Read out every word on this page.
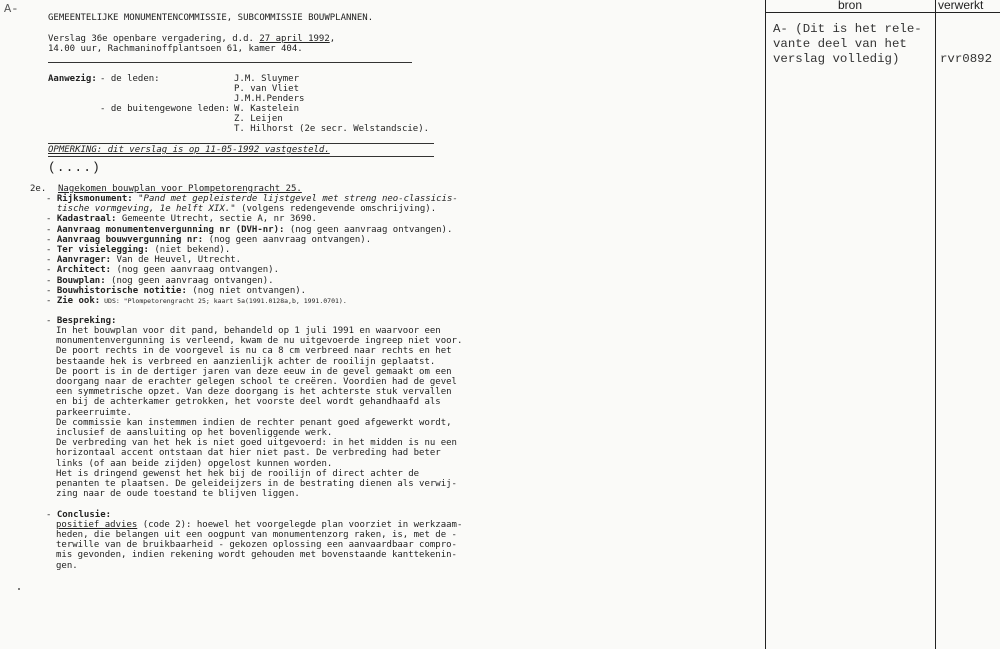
A-
GEMEENTELIJKE MONUMENTENCOMMISSIE, SUBCOMMISSIE BOUWPLANNEN.
Verslag 36e openbare vergadering, d.d. 27 april 1992,
14.00 uur, Rachmaninoffplantsoen 61, kamer 404.
Aanwezig: - de leden:	J.M. Sluymer
P. van Vliet
J.M.H.Penders
- de buitengewone leden: W. Kastelein
Z. Leijen
T. Hilhorst (2e secr. Welstandscie).
OPMERKING: dit verslag is op 11-05-1992 vastgesteld.
(....)
2e. Nagekomen bouwplan voor Plompetorengracht 25.
- Rijksmonument: "Pand met gepleisterde lijstgevel met streng neo-classicis-
tische vormgeving, 1e helft XIX." (volgens redengevende omschrijving).
- Kadastraal: Gemeente Utrecht, sectie A, nr 3690.
- Aanvraag monumentenvergunning nr (DVH-nr): (nog geen aanvraag ontvangen).
- Aanvraag bouwvergunning nr: (nog geen aanvraag ontvangen).
- Ter visielegging: (niet bekend).
- Aanvrager: Van de Heuvel, Utrecht.
- Architect: (nog geen aanvraag ontvangen).
- Bouwplan: (nog geen aanvraag ontvangen).
- Bouwhistorische notitie: (nog niet ontvangen).
- Zie ook: UDS: "Plompetorengracht 25; kaart 5a(1991.0128a,b, 1991.0701).
- Bespreking:
In het bouwplan voor dit pand, behandeld op 1 juli 1991 en waarvoor een
monumentenvergunning is verleend, kwam de nu uitgevoerde ingreep niet voor.
De poort rechts in de voorgevel is nu ca 8 cm verbreed naar rechts en het
bestaande hek is verbreed en aanzienlijk achter de rooilijn geplaatst.
De poort is in de dertiger jaren van deze eeuw in de gevel gemaakt om een
doorgang naar de erachter gelegen school te creëren. Voordien had de gevel
een symmetrische opzet. Van deze doorgang is het achterste stuk vervallen
en bij de achterkamer getrokken, het voorste deel wordt gehandhaafd als
parkeerruimte.
De commissie kan instemmen indien de rechter penant goed afgewerkt wordt,
inclusief de aansluiting op het bovenliggende werk.
De verbreding van het hek is niet goed uitgevoerd: in het midden is nu een
horizontaal accent ontstaan dat hier niet past. De verbreding had beter
links (of aan beide zijden) opgelost kunnen worden.
Het is dringend gewenst het hek bij de rooilijn of direct achter de
penanten te plaatsen. De geleideijzers in de bestrating dienen als verwij-
zing naar de oude toestand te blijven liggen.
- Conclusie:
positief advies (code 2): hoewel het voorgelegde plan voorziet in werkzaam-
heden, die belangen uit een oogpunt van monumentenzorg raken, is, met de -
terwille van de bruikbaarheid - gekozen oplossing een aanvaardbaar compro-
mis gevonden, indien rekening wordt gehouden met bovenstaande kanttekenin-
gen.
bron	verwerkt
A- (Dit is het rele-
vante deel van het
verslag volledig)	rvr0892
